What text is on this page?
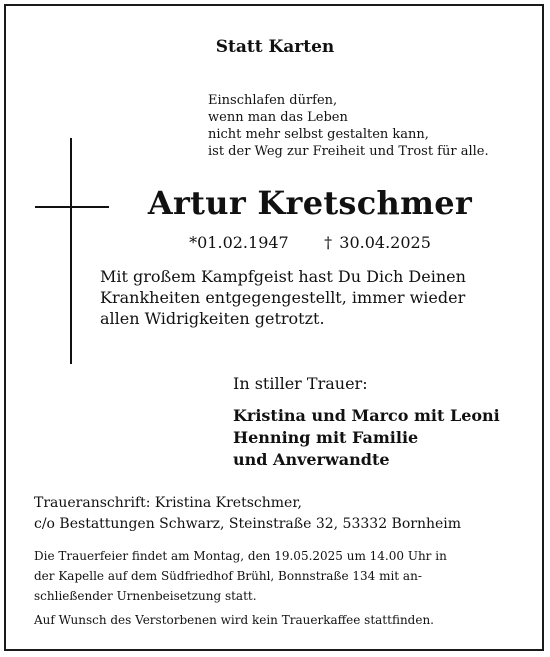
Statt Karten
Einschlafen dürfen,
wenn man das Leben
nicht mehr selbst gestalten kann,
ist der Weg zur Freiheit und Trost für alle.
Artur Kretschmer
*01.02.1947 † 30.04.2025
Mit großem Kampfgeist hast Du Dich Deinen
Krankheiten entgegengestellt, immer wieder
allen Widrigkeiten getrotzt.
In stiller Trauer:
Kristina und Marco mit Leoni
Henning mit Familie
und Anverwandte
Traueranschrift: Kristina Kretschmer,
c/o Bestattungen Schwarz, Steinstraße 32, 53332 Bornheim
Die Trauerfeier findet am Montag, den 19.05.2025 um 14.00 Uhr in
der Kapelle auf dem Südfriedhof Brühl, Bonnstraße 134 mit an-
schließender Urnenbeisetzung statt.
Auf Wunsch des Verstorbenen wird kein Trauerkaffee stattfinden.
